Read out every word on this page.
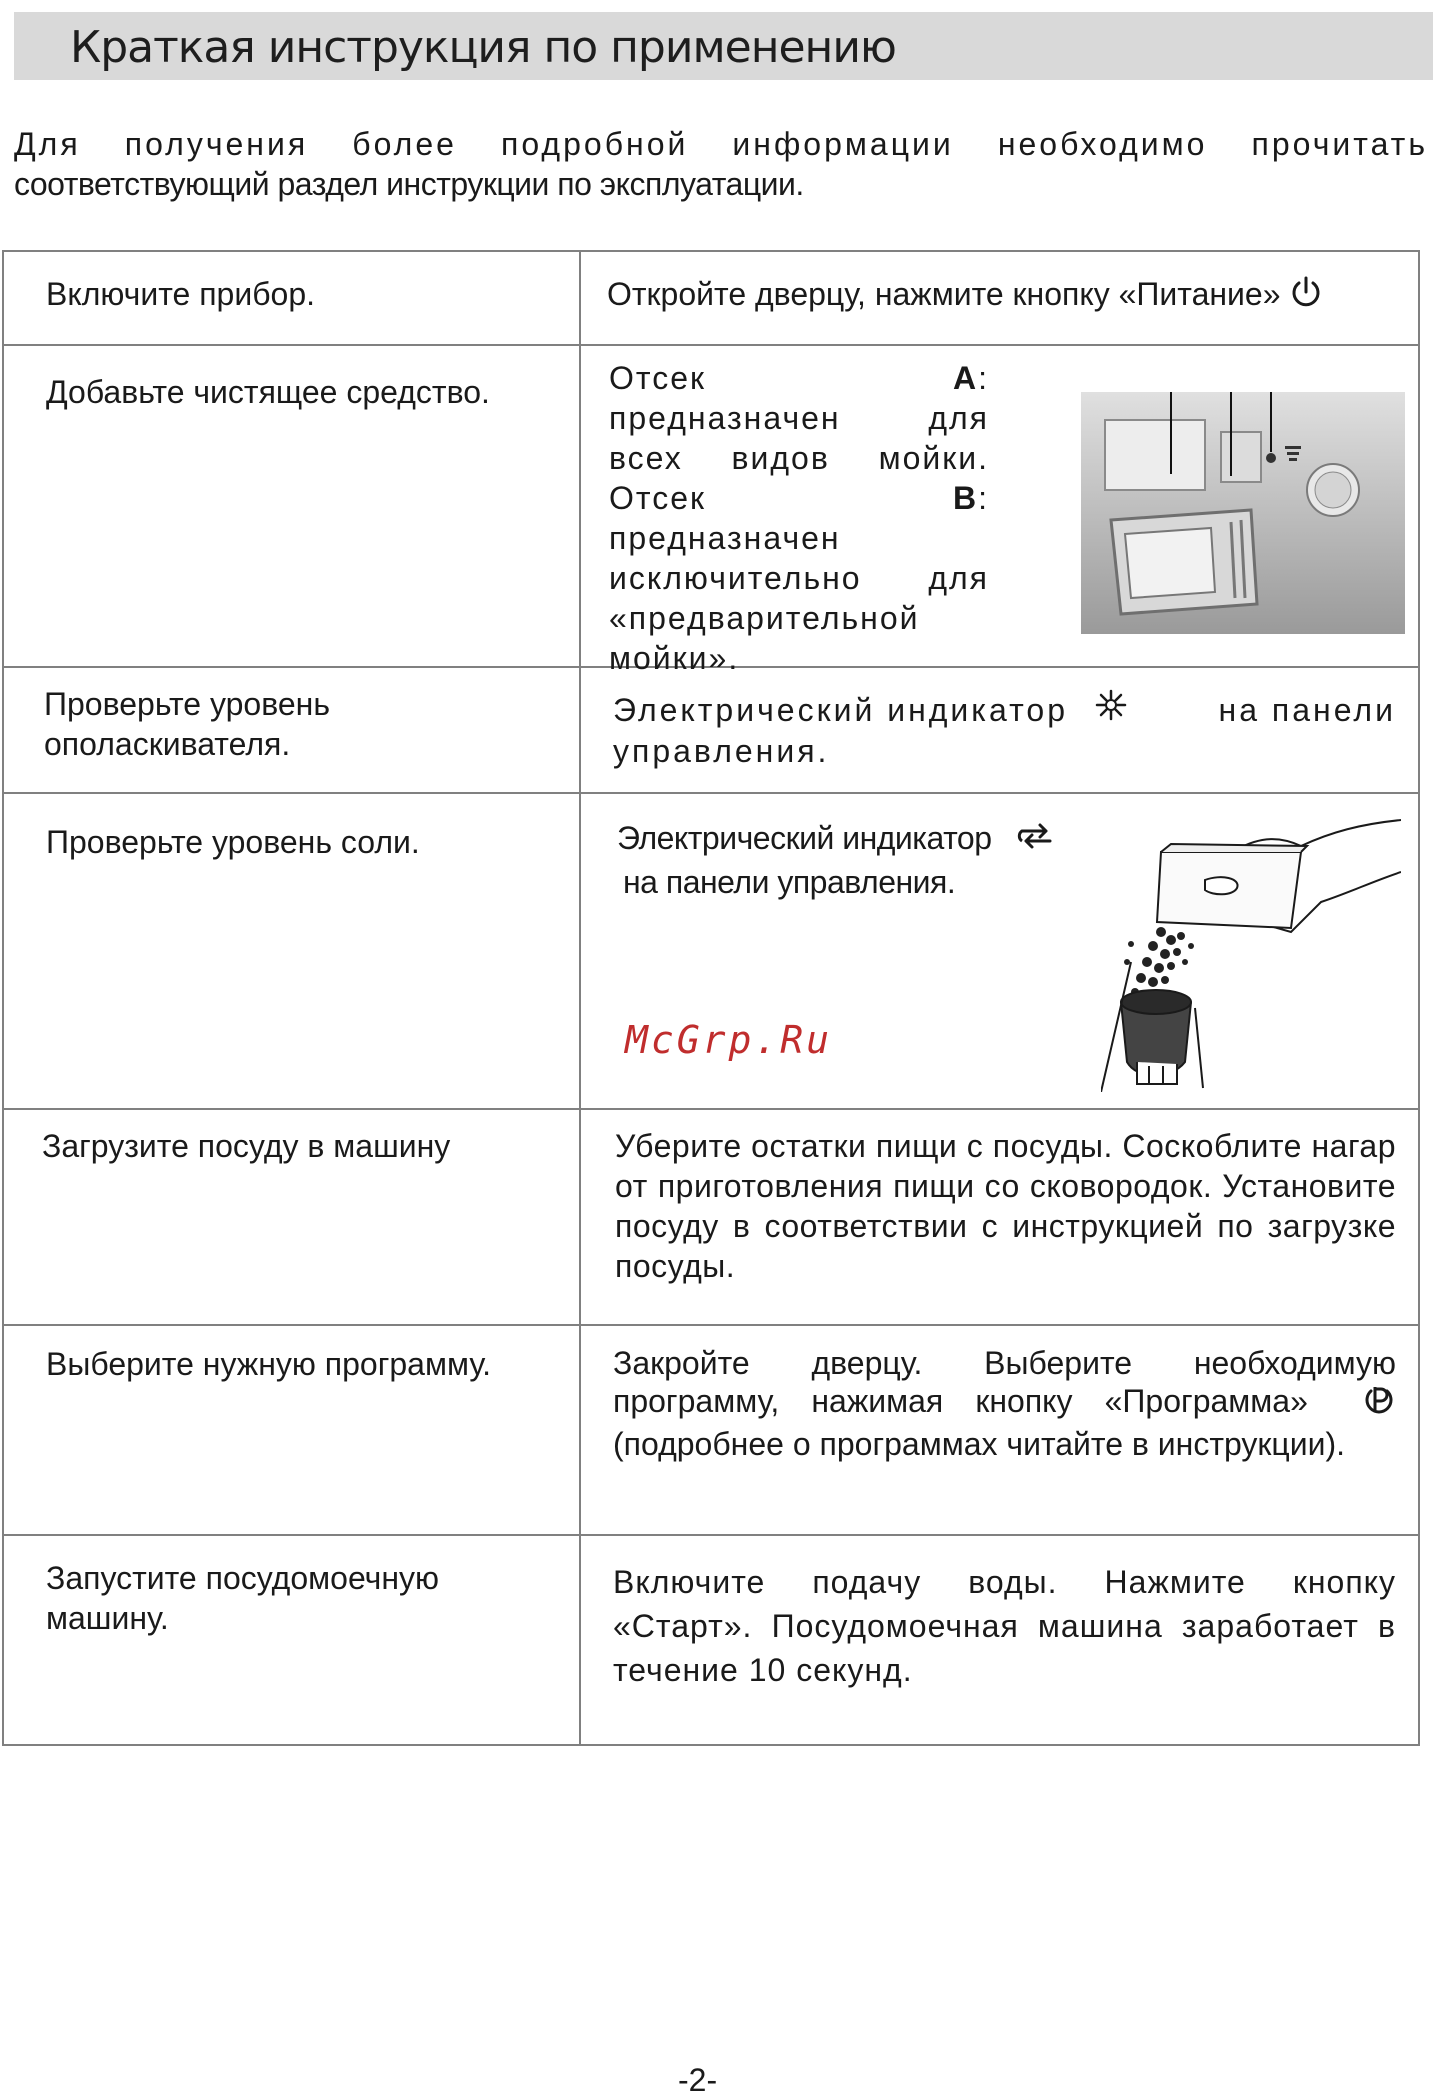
Краткая инструкция по применению
Для получения более подробной информации необходимо прочитать
соответствующий раздел инструкции по эксплуатации.
Включите прибор.	Откройте дверцу, нажмите кнопку «Питание»

Добавьте чистящее средство.	Отсек A: предназначен для всех видов мойки.
Отсек B: предназначен исключительно для «предварительной мойки».

Проверьте уровень ополаскивателя.	Электрический индикатор на панели
управления.

Проверьте уровень соли.	Электрический индикатор
на панели управления.
McGrp.Ru

Загрузите посуду в машину	Уберите остатки пищи с посуды. Соскоблите нагар от приготовления пищи со сковородок. Установите посуду в соответствии с инструкцией по загрузке посуды.

Выберите нужную программу.	Закройте дверцу. Выберите необходимую программу, нажимая кнопку «Программа»  (подробнее о программах читайте в инструкции).

Запустите посудомоечную машину.	Включите подачу воды. Нажмите кнопку «Старт». Посудомоечная машина заработает в течение 10 секунд.
-2-
